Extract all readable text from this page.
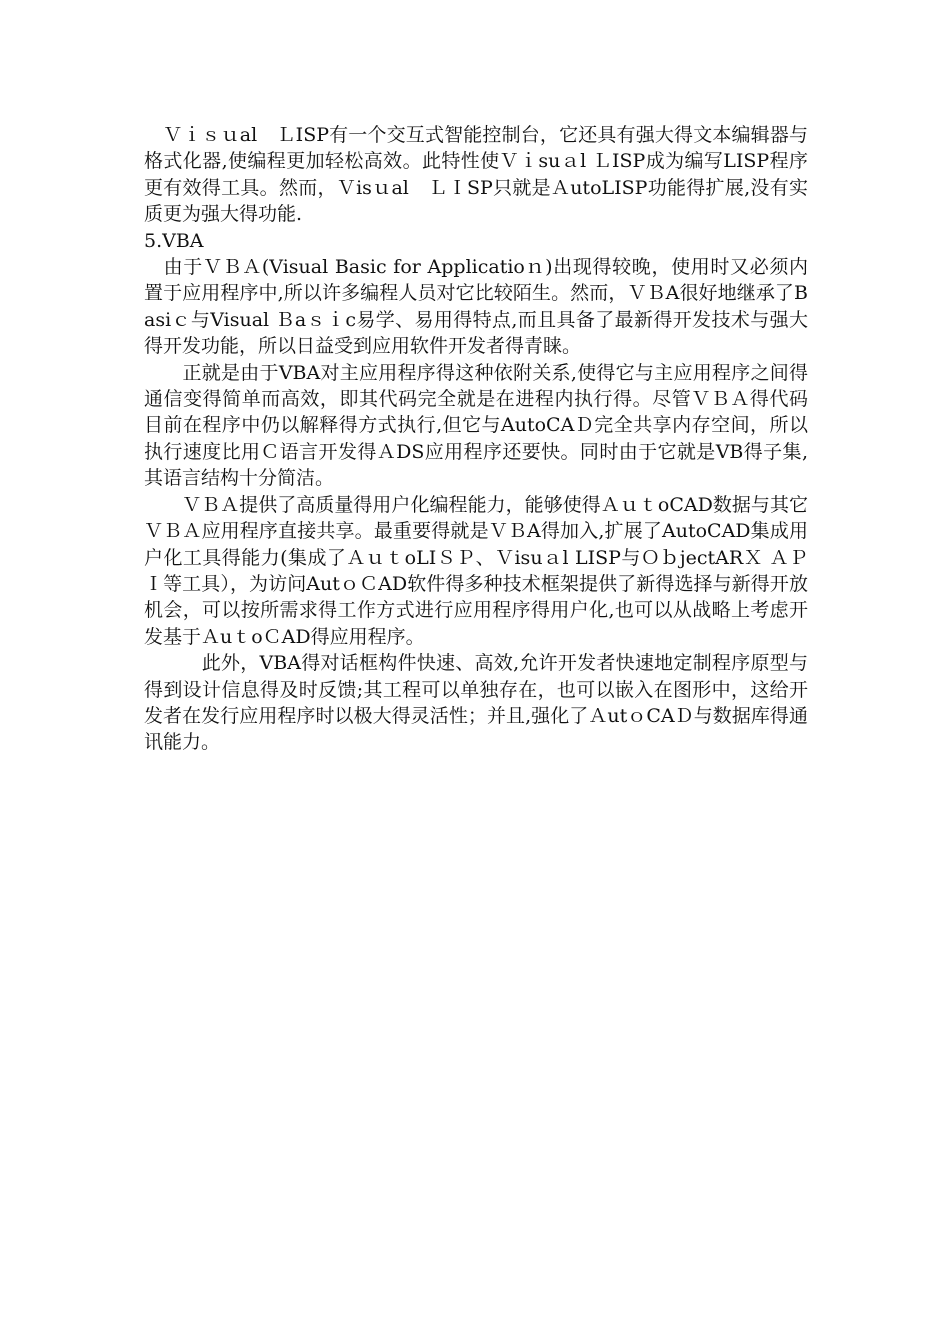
　Ｖｉｓｕal　ＬISP有一个交互式智能控制台，它还具有强大得文本编辑器与格式化器,使编程更加轻松高效。此特性使Ｖｉsuａl ＬISP成为编写LISP程序更有效得工具。然而，Ｖisｕal　ＬＩSP只就是ＡutoLISP功能得扩展,没有实质更为强大得功能.

5.VBA

　由于ＶＢＡ(Visual Basic for Applicatioｎ)出现得较晚，使用时又必须内置于应用程序中,所以许多编程人员对它比较陌生。然而，ＶＢA很好地继承了Basiｃ与Visual Ｂaｓｉc易学、易用得特点,而且具备了最新得开发技术与强大得开发功能，所以日益受到应用软件开发者得青睐。

　　正就是由于VBA对主应用程序得这种依附关系,使得它与主应用程序之间得通信变得简单而高效，即其代码完全就是在进程内执行得。尽管ＶＢＡ得代码目前在程序中仍以解释得方式执行,但它与AutoCAＤ完全共享内存空间，所以执行速度比用Ｃ语言开发得ＡDS应用程序还要快。同时由于它就是VB得子集,其语言结构十分简洁。

　　ＶＢＡ提供了高质量得用户化编程能力，能够使得ＡｕｔoCAD数据与其它ＶＢＡ应用程序直接共享。最重要得就是ＶＢA得加入,扩展了AutoCAD集成用户化工具得能力(集成了ＡｕｔoLIＳＰ、Ｖisuａl LISP与ＯｂjectARＸ ＡＰＩ等工具），为访问AutｏＣAD软件得多种技术框架提供了新得选择与新得开放机会，可以按所需求得工作方式进行应用程序得用户化,也可以从战略上考虑开发基于ＡuｔoＣAD得应用程序。

　　　此外，VBA得对话框构件快速、高效,允许开发者快速地定制程序原型与得到设计信息得及时反馈;其工程可以单独存在，也可以嵌入在图形中，这给开发者在发行应用程序时以极大得灵活性；并且,强化了ＡutｏCAＤ与数据库得通讯能力。
